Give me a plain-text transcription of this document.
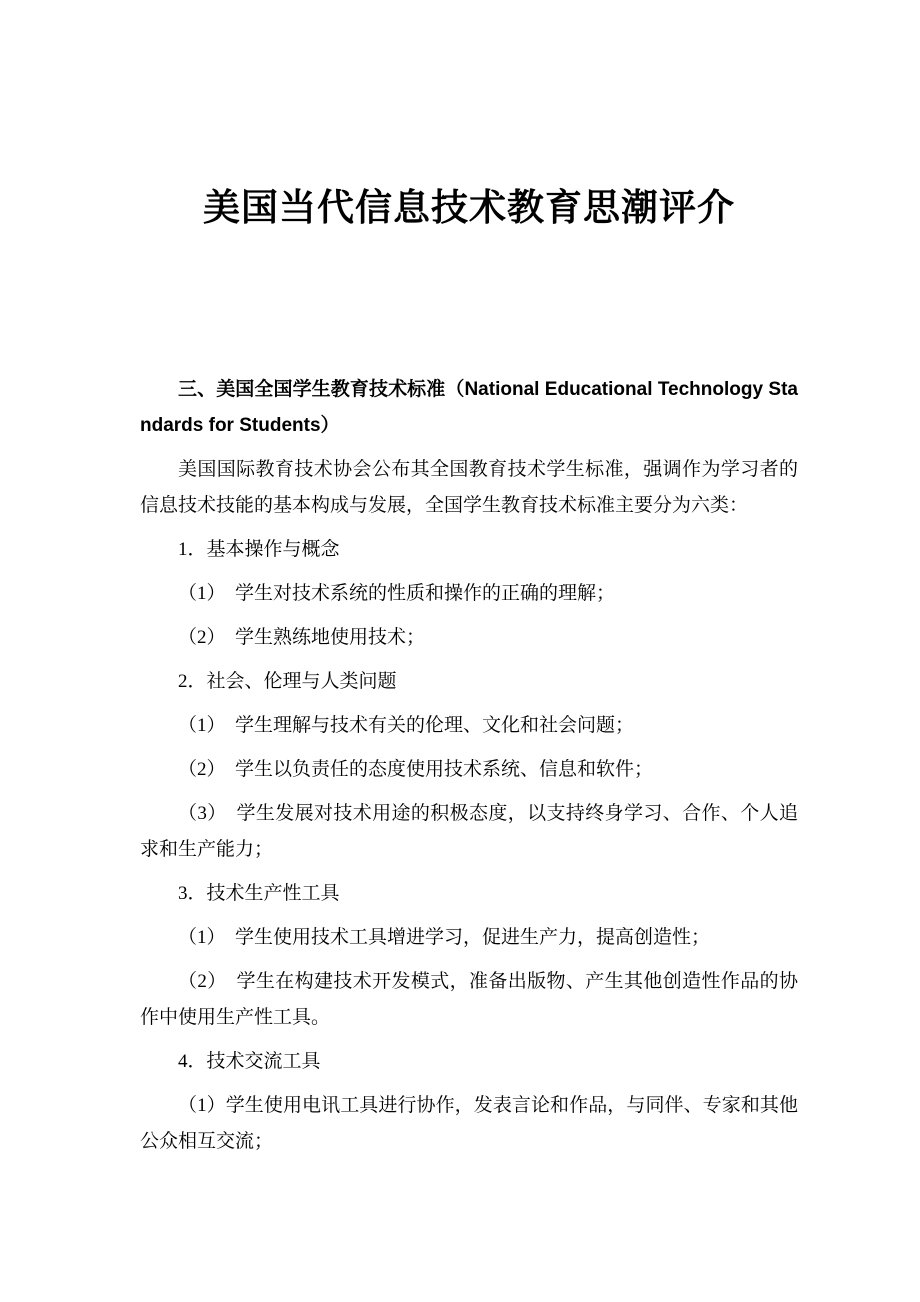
美国当代信息技术教育思潮评介

三、美国全国学生教育技术标准（National Educational Technology Standards for Students）

美国国际教育技术协会公布其全国教育技术学生标准，强调作为学习者的信息技术技能的基本构成与发展，全国学生教育技术标准主要分为六类：

1．基本操作与概念

（1）　学生对技术系统的性质和操作的正确的理解；

（2）　学生熟练地使用技术；

2．社会、伦理与人类问题

（1）　学生理解与技术有关的伦理、文化和社会问题；

（2）　学生以负责任的态度使用技术系统、信息和软件；

（3）　学生发展对技术用途的积极态度，以支持终身学习、合作、个人追求和生产能力；

3．技术生产性工具

（1）　学生使用技术工具增进学习，促进生产力，提高创造性；

（2）　学生在构建技术开发模式，准备出版物、产生其他创造性作品的协作中使用生产性工具。

4．技术交流工具

（1）学生使用电讯工具进行协作，发表言论和作品，与同伴、专家和其他公众相互交流；
